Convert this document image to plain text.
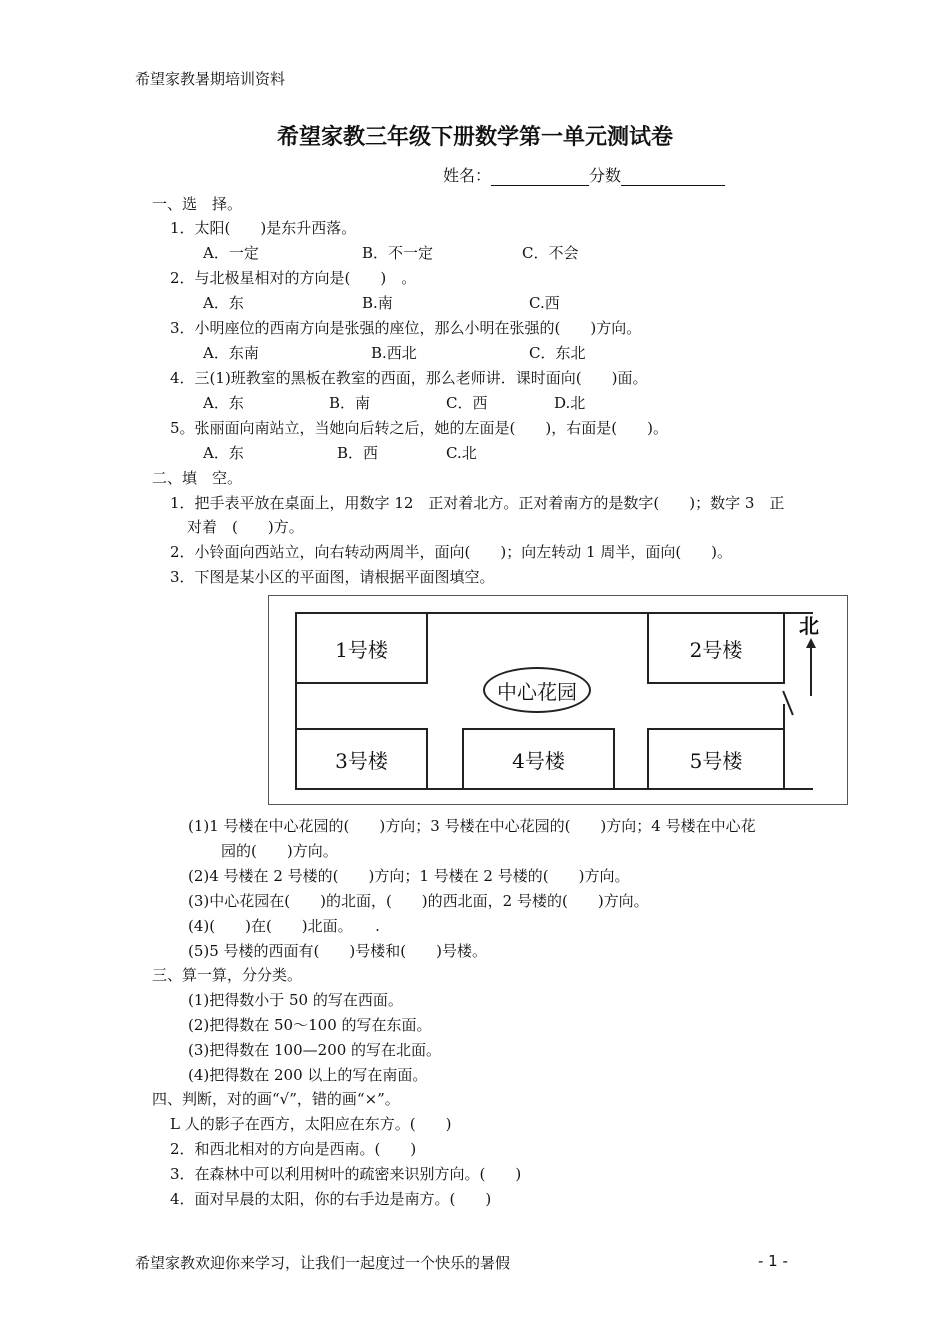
希望家教暑期培训资料
希望家教三年级下册数学第一单元测试卷
姓名：	分数
一、选　择。
1．太阳(　　)是东升西落。
A．一定	B．不一定	C．不会
2．与北极星相对的方向是(　　)　。
A．东	B.南	C.西
3．小明座位的西南方向是张强的座位，那么小明在张强的(　　)方向。
A．东南	B.西北	C．东北
4．三(1)班教室的黑板在教室的西面，那么老师讲．课时面向(　　)面。
A．东	B．南	C．西	D.北
5。张丽面向南站立，当她向后转之后，她的左面是(　　)，右面是(　　)。
A．东	B．西	C.北
二、填　空。
1．把手表平放在桌面上，用数字 12　正对着北方。正对着南方的是数字(　　)；数字 3　正
对着　(　　)方。
2．小铃面向西站立，向右转动两周半，面向(　　)；向左转动 1 周半，面向(　　)。
3．下图是某小区的平面图，请根据平面图填空。
1号楼	2号楼
3号楼	4号楼	5号楼
中心花园
北
(1)1 号楼在中心花园的(　　)方向；3 号楼在中心花园的(　　)方向；4 号楼在中心花
园的(　　)方向。
(2)4 号楼在 2 号楼的(　　)方向；1 号楼在 2 号楼的(　　)方向。
(3)中心花园在(　　)的北面，(　　)的西北面，2 号楼的(　　)方向。
(4)(　　)在(　　)北面。　　.
(5)5 号楼的西面有(　　)号楼和(　　)号楼。
三、算一算，分分类。
(1)把得数小于 50 的写在西面。
(2)把得数在 50～100 的写在东面。
(3)把得数在 100—200 的写在北面。
(4)把得数在 200 以上的写在南面。
四、判断，对的画“√”，错的画“×”。
L 人的影子在西方，太阳应在东方。(　　)
2．和西北相对的方向是西南。(　　)
3．在森林中可以利用树叶的疏密来识别方向。(　　)
4．面对早晨的太阳，你的右手边是南方。(　　)
希望家教欢迎你来学习，让我们一起度过一个快乐的暑假	- 1 -
